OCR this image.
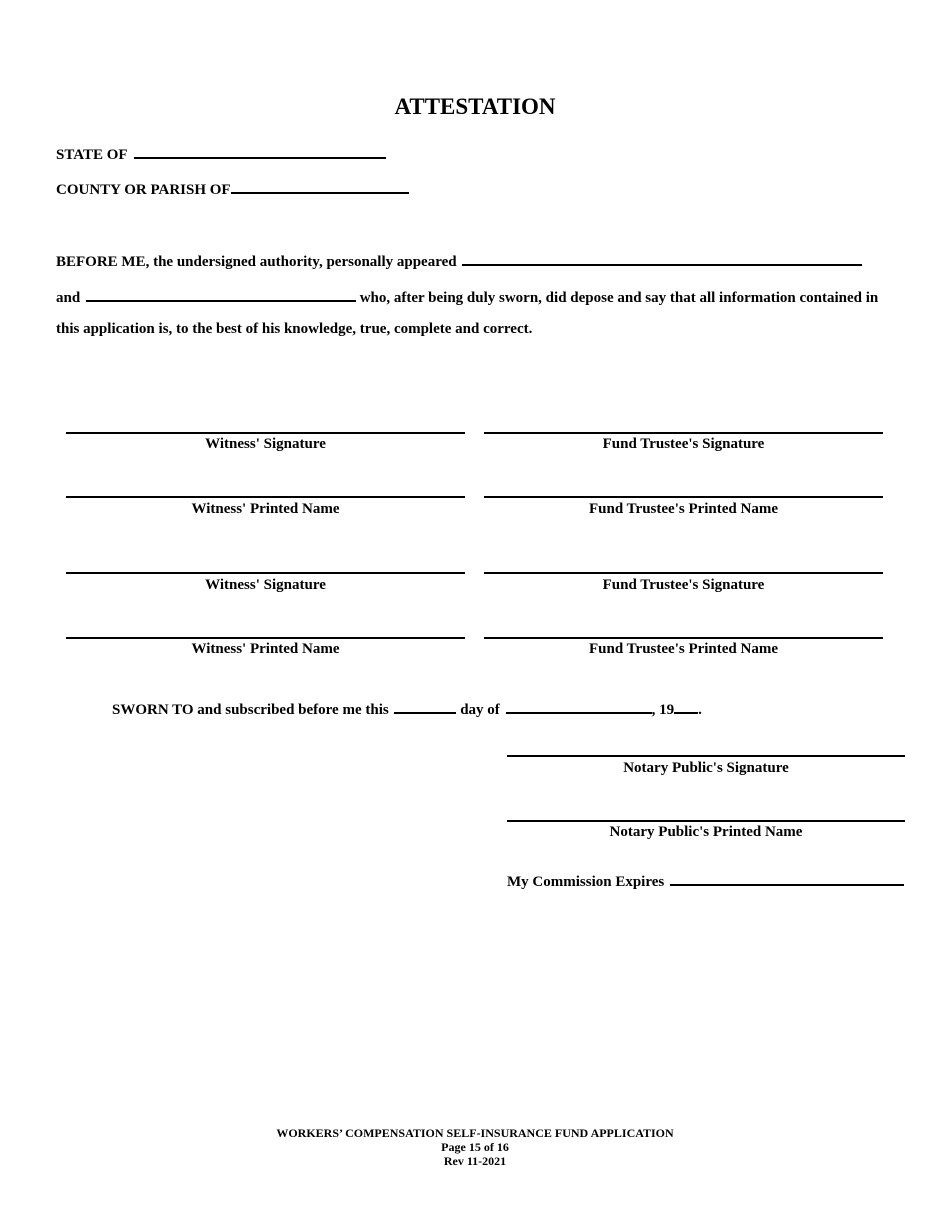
ATTESTATION
STATE OF
COUNTY OR PARISH OF
BEFORE ME, the undersigned authority, personally appeared
and	who, after being duly sworn, did depose and say that all information contained in
this application is, to the best of his knowledge, true, complete and correct.
Witness' Signature	Fund Trustee's Signature
Witness' Printed Name	Fund Trustee's Printed Name
Witness' Signature	Fund Trustee's Signature
Witness' Printed Name	Fund Trustee's Printed Name
SWORN TO and subscribed before me this	day of	, 19 .
Notary Public's Signature
Notary Public's Printed Name
My Commission Expires
WORKERS’ COMPENSATION SELF-INSURANCE FUND APPLICATION
Page 15 of 16
Rev 11-2021
